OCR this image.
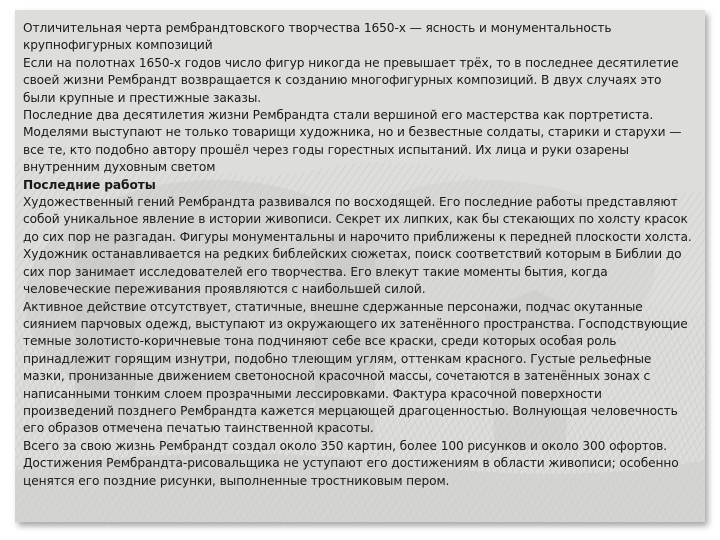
Отличительная черта рембрандтовского творчества 1650-х — ясность и монументальность крупнофигурных композиций

Если на полотнах 1650-х годов число фигур никогда не превышает трёх, то в последнее десятилетие своей жизни Рембрандт возвращается к созданию многофигурных композиций. В двух случаях это были крупные и престижные заказы.

Последние два десятилетия жизни Рембрандта стали вершиной его мастерства как портретиста. Моделями выступают не только товарищи художника, но и безвестные солдаты, старики и старухи — все те, кто подобно автору прошёл через годы горестных испытаний. Их лица и руки озарены внутренним духовным светом

Последние работы

Художественный гений Рембрандта развивался по восходящей. Его последние работы представляют собой уникальное явление в истории живописи. Секрет их липких, как бы стекающих по холсту красок до сих пор не разгадан. Фигуры монументальны и нарочито приближены к передней плоскости холста. Художник останавливается на редких библейских сюжетах, поиск соответствий которым в Библии до сих пор занимает исследователей его творчества. Его влекут такие моменты бытия, когда человеческие переживания проявляются с наибольшей силой.

Активное действие отсутствует, статичные, внешне сдержанные персонажи, подчас окутанные сиянием парчовых одежд, выступают из окружающего их затенённого пространства. Господствующие темные золотисто-коричневые тона подчиняют себе все краски, среди которых особая роль принадлежит горящим изнутри, подобно тлеющим углям, оттенкам красного. Густые рельефные мазки, пронизанные движением светоносной красочной массы, сочетаются в затенённых зонах с написанными тонким слоем прозрачными лессировками. Фактура красочной поверхности произведений позднего Рембрандта кажется мерцающей драгоценностью. Волнующая человечность его образов отмечена печатью таинственной красоты.

Всего за свою жизнь Рембрандт создал около 350 картин, более 100 рисунков и около 300 офортов. Достижения Рембрандта-рисовальщика не уступают его достижениям в области живописи; особенно ценятся его поздние рисунки, выполненные тростниковым пером.
